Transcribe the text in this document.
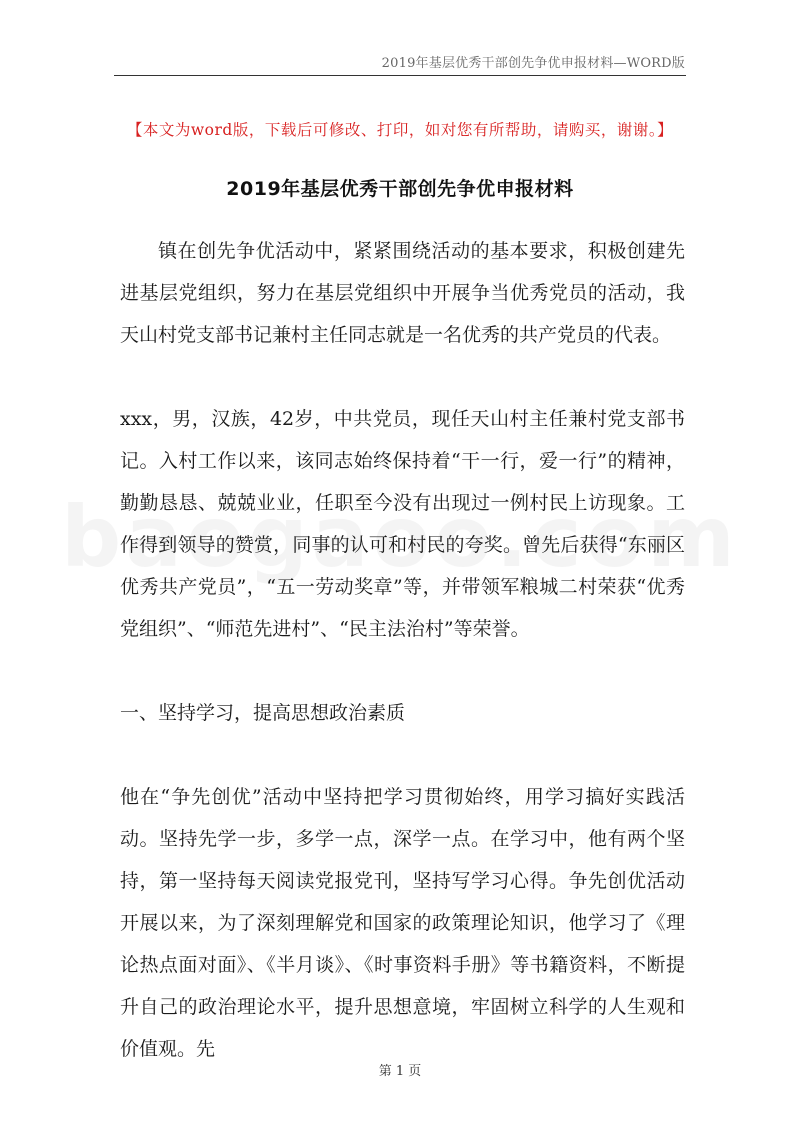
2019年基层优秀干部创先争优申报材料—WORD版
【本文为word版，下载后可修改、打印，如对您有所帮助，请购买，谢谢。】
2019年基层优秀干部创先争优申报材料
镇在创先争优活动中，紧紧围绕活动的基本要求，积极创建先进基层党组织，努力在基层党组织中开展争当优秀党员的活动，我天山村党支部书记兼村主任同志就是一名优秀的共产党员的代表。
xxx，男，汉族，42岁，中共党员，现任天山村主任兼村党支部书记。入村工作以来，该同志始终保持着“干一行，爱一行”的精神，勤勤恳恳、兢兢业业，任职至今没有出现过一例村民上访现象。工作得到领导的赞赏，同事的认可和村民的夸奖。曾先后获得“东丽区优秀共产党员”，“五一劳动奖章”等，并带领军粮城二村荣获“优秀党组织”、“师范先进村”、“民主法治村”等荣誉。
一、坚持学习，提高思想政治素质
他在“争先创优”活动中坚持把学习贯彻始终，用学习搞好实践活动。坚持先学一步，多学一点，深学一点。在学习中，他有两个坚持，第一坚持每天阅读党报党刊，坚持写学习心得。争先创优活动开展以来，为了深刻理解党和国家的政策理论知识，他学习了《理论热点面对面》、《半月谈》、《时事资料手册》等书籍资料，不断提升自己的政治理论水平，提升思想意境，牢固树立科学的人生观和价值观。先
第 1 页
